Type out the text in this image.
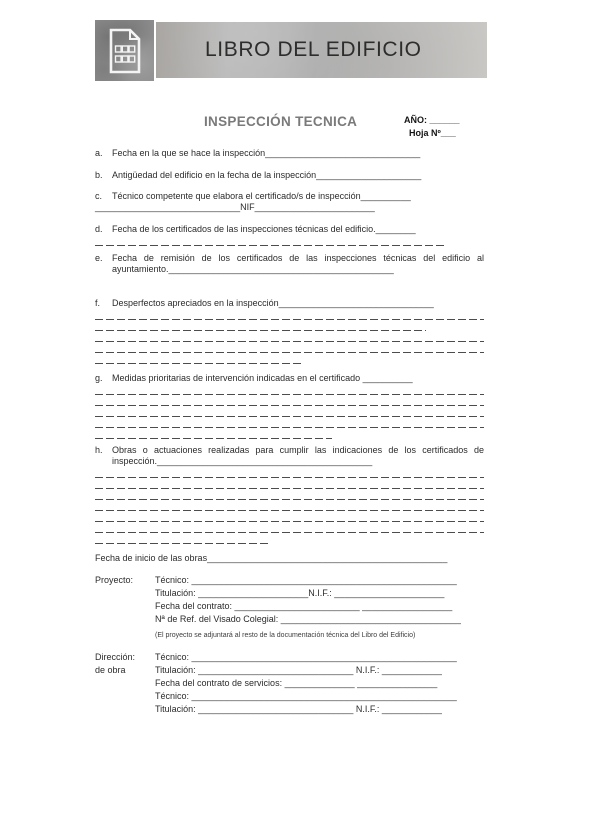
LIBRO DEL EDIFICIO
INSPECCIÓN TECNICA	AÑO: ______
Hoja Nº___
a.	Fecha en la que se hace la inspección_______________________________
b.	Antigüedad del edificio en la fecha de la inspección_____________________
c.	Técnico competente que elabora el certificado/s de inspección__________
_____________________________NIF________________________
d.	Fecha de los certificados de las inspecciones técnicas del edificio.________
e.	Fecha de remisión de los certificados de las inspecciones técnicas del edificio al ayuntamiento._____________________________________________
f.	Desperfectos apreciados en la inspección_______________________________
g.	Medidas prioritarias de intervención indicadas en el certificado __________
h.	Obras o actuaciones realizadas para cumplir las indicaciones de los certificados de inspección.___________________________________________
Fecha de inicio de las obras________________________________________________
Proyecto:	Técnico: _____________________________________________________
Titulación: ______________________N.I.F.: ______________________
Fecha del contrato: _________________________ __________________
Nª de Ref. del Visado Colegial: ____________________________________
(El proyecto se adjuntará al resto de la documentación técnica del Libro del Edificio)
Dirección:
de obra
Técnico: _____________________________________________________
Titulación: _______________________________ N.I.F.: ____________
Fecha del contrato de servicios: ______________ ________________
Técnico: _____________________________________________________
Titulación: _______________________________ N.I.F.: ____________
